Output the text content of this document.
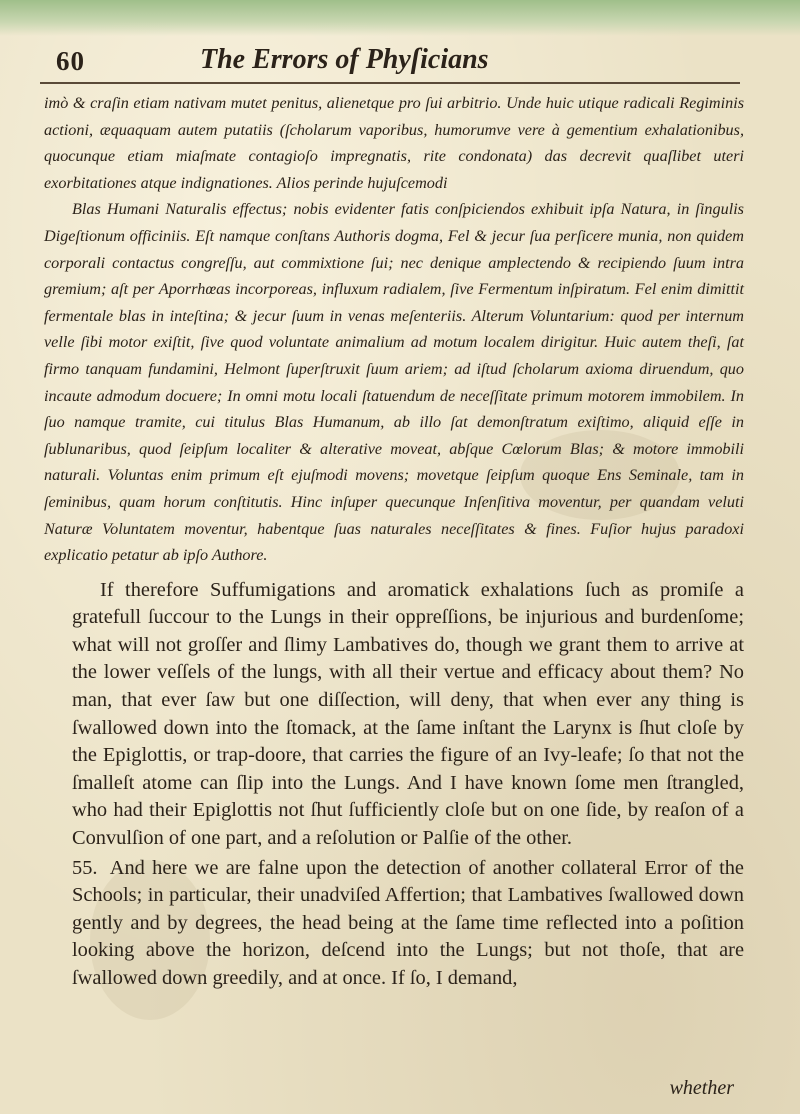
60	The Errors of Phyſicians

imò & craſin etiam nativam mutet penitus, alienetque pro ſui arbitrio. Unde huic utique radicali Regiminis actioni, æquaquam autem putatiis (ſcholarum vaporibus, humorumve vere à gementium exhalationibus, quocunque etiam miaſmate contagioſo impregnatis, rite condonata) das decrevit quaſlibet uteri exorbitationes atque indignationes. Alios perinde hujuſcemodi

Blas Humani Naturalis effectus; nobis evidenter fatis conſpiciendos exhibuit ipſa Natura, in ſingulis Digeſtionum officiniis. Eſt namque conſtans Authoris dogma, Fel & jecur ſua perſicere munia, non quidem corporali contactus congreſſu, aut commixtione ſui; nec denique amplectendo & recipiendo ſuum intra gremium; aſt per Aporrhœas incorporeas, influxum radialem, ſive Fermentum inſpiratum. Fel enim dimittit fermentale blas in inteſtina; & jecur ſuum in venas meſenteriis. Alterum Voluntarium: quod per internum velle ſibi motor exiſtit, ſive quod voluntate animalium ad motum localem dirigitur. Huic autem theſi, ſat firmo tanquam fundamini, Helmont ſuperſtruxit ſuum ariem; ad iſtud ſcholarum axioma diruendum, quo incaute admodum docuere; In omni motu locali ſtatuendum de neceſſitate primum motorem immobilem. In ſuo namque tramite, cui titulus Blas Humanum, ab illo ſat demonſtratum exiſtimo, aliquid eſſe in ſublunaribus, quod ſeipſum localiter & alterative moveat, abſque Cœlorum Blas; & motore immobili naturali. Voluntas enim primum eſt ejuſmodi movens; movetque ſeipſum quoque Ens Seminale, tam in ſeminibus, quam horum conſtitutis. Hinc inſuper quecunque Inſenſitiva moventur, per quandam veluti Naturæ Voluntatem moventur, habentque ſuas naturales neceſſitates & fines. Fuſior hujus paradoxi explicatio petatur ab ipſo Authore.

If therefore Suffumigations and aromatick exhalations ſuch as promiſe a gratefull ſuccour to the Lungs in their oppreſſions, be injurious and burdenſome; what will not groſſer and ſlimy Lambatives do, though we grant them to arrive at the lower veſſels of the lungs, with all their vertue and efficacy about them? No man, that ever ſaw but one diſſection, will deny, that when ever any thing is ſwallowed down into the ſtomack, at the ſame inſtant the Larynx is ſhut cloſe by the Epiglottis, or trap-doore, that carries the figure of an Ivy-leafe; ſo that not the ſmalleſt atome can ſlip into the Lungs. And I have known ſome men ſtrangled, who had their Epiglottis not ſhut ſufficiently cloſe but on one ſide, by reaſon of a Convulſion of one part, and a reſolution or Palſie of the other.

55. And here we are falne upon the detection of another collateral Error of the Schools; in particular, their unadviſed Affertion; that Lambatives ſwallowed down gently and by degrees, the head being at the ſame time reflected into a poſition looking above the horizon, deſcend into the Lungs; but not thoſe, that are ſwallowed down greedily, and at once. If ſo, I demand,

whether
